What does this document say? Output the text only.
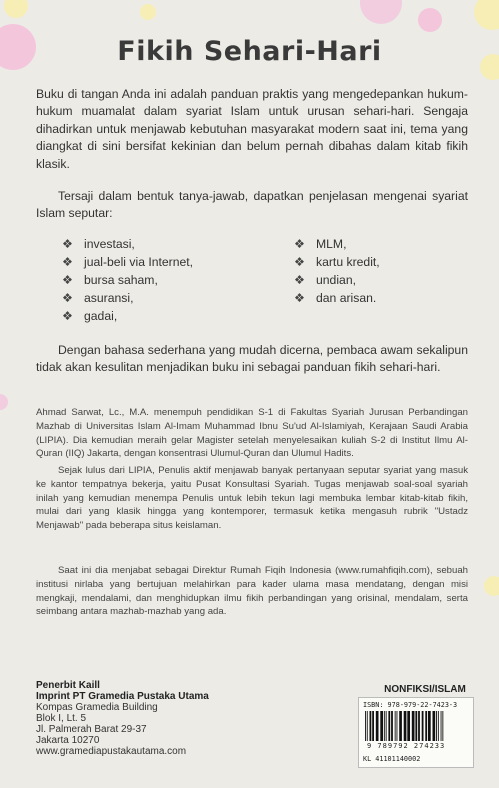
Fikih Sehari-Hari

Buku di tangan Anda ini adalah panduan praktis yang mengedepankan hukum-hukum muamalat dalam syariat Islam untuk urusan sehari-hari. Sengaja dihadirkan untuk menjawab kebutuhan masyarakat modern saat ini, tema yang diangkat di sini bersifat kekinian dan belum pernah dibahas dalam kitab fikih klasik.

Tersaji dalam bentuk tanya-jawab, dapatkan penjelasan mengenai syariat Islam seputar:

❖ investasi,
❖ jual-beli via Internet,
❖ bursa saham,
❖ asuransi,
❖ gadai,
❖ MLM,
❖ kartu kredit,
❖ undian,
❖ dan arisan.

Dengan bahasa sederhana yang mudah dicerna, pembaca awam sekalipun tidak akan kesulitan menjadikan buku ini sebagai panduan fikih sehari-hari.

Ahmad Sarwat, Lc., M.A. menempuh pendidikan S-1 di Fakultas Syariah Jurusan Perbandingan Mazhab di Universitas Islam Al-Imam Muhammad Ibnu Su'ud Al-Islamiyah, Kerajaan Saudi Arabia (LIPIA). Dia kemudian meraih gelar Magister setelah menyelesaikan kuliah S-2 di Institut Ilmu Al-Quran (IIQ) Jakarta, dengan konsentrasi Ulumul-Quran dan Ulumul Hadits.

Sejak lulus dari LIPIA, Penulis aktif menjawab banyak pertanyaan seputar syariat yang masuk ke kantor tempatnya bekerja, yaitu Pusat Konsultasi Syariah. Tugas menjawab soal-soal syariah inilah yang kemudian menempa Penulis untuk lebih tekun lagi membuka lembar kitab-kitab fikih, mulai dari yang klasik hingga yang kontemporer, termasuk ketika mengasuh rubrik "Ustadz Menjawab" pada beberapa situs keislaman.

Saat ini dia menjabat sebagai Direktur Rumah Fiqih Indonesia (www.rumahfiqih.com), sebuah institusi nirlaba yang bertujuan melahirkan para kader ulama masa mendatang, dengan misi mengkaji, mendalami, dan menghidupkan ilmu fikih perbandingan yang orisinal, mendalam, serta seimbang antara mazhab-mazhab yang ada.

Penerbit Kaill
Imprint PT Gramedia Pustaka Utama
Kompas Gramedia Building
Blok I, Lt. 5
Jl. Palmerah Barat 29-37
Jakarta 10270
www.gramediapustakautama.com
NONFIKSI/ISLAM
ISBN: 978-979-22-7423-3
9 789792 274233
KL 41101140002
